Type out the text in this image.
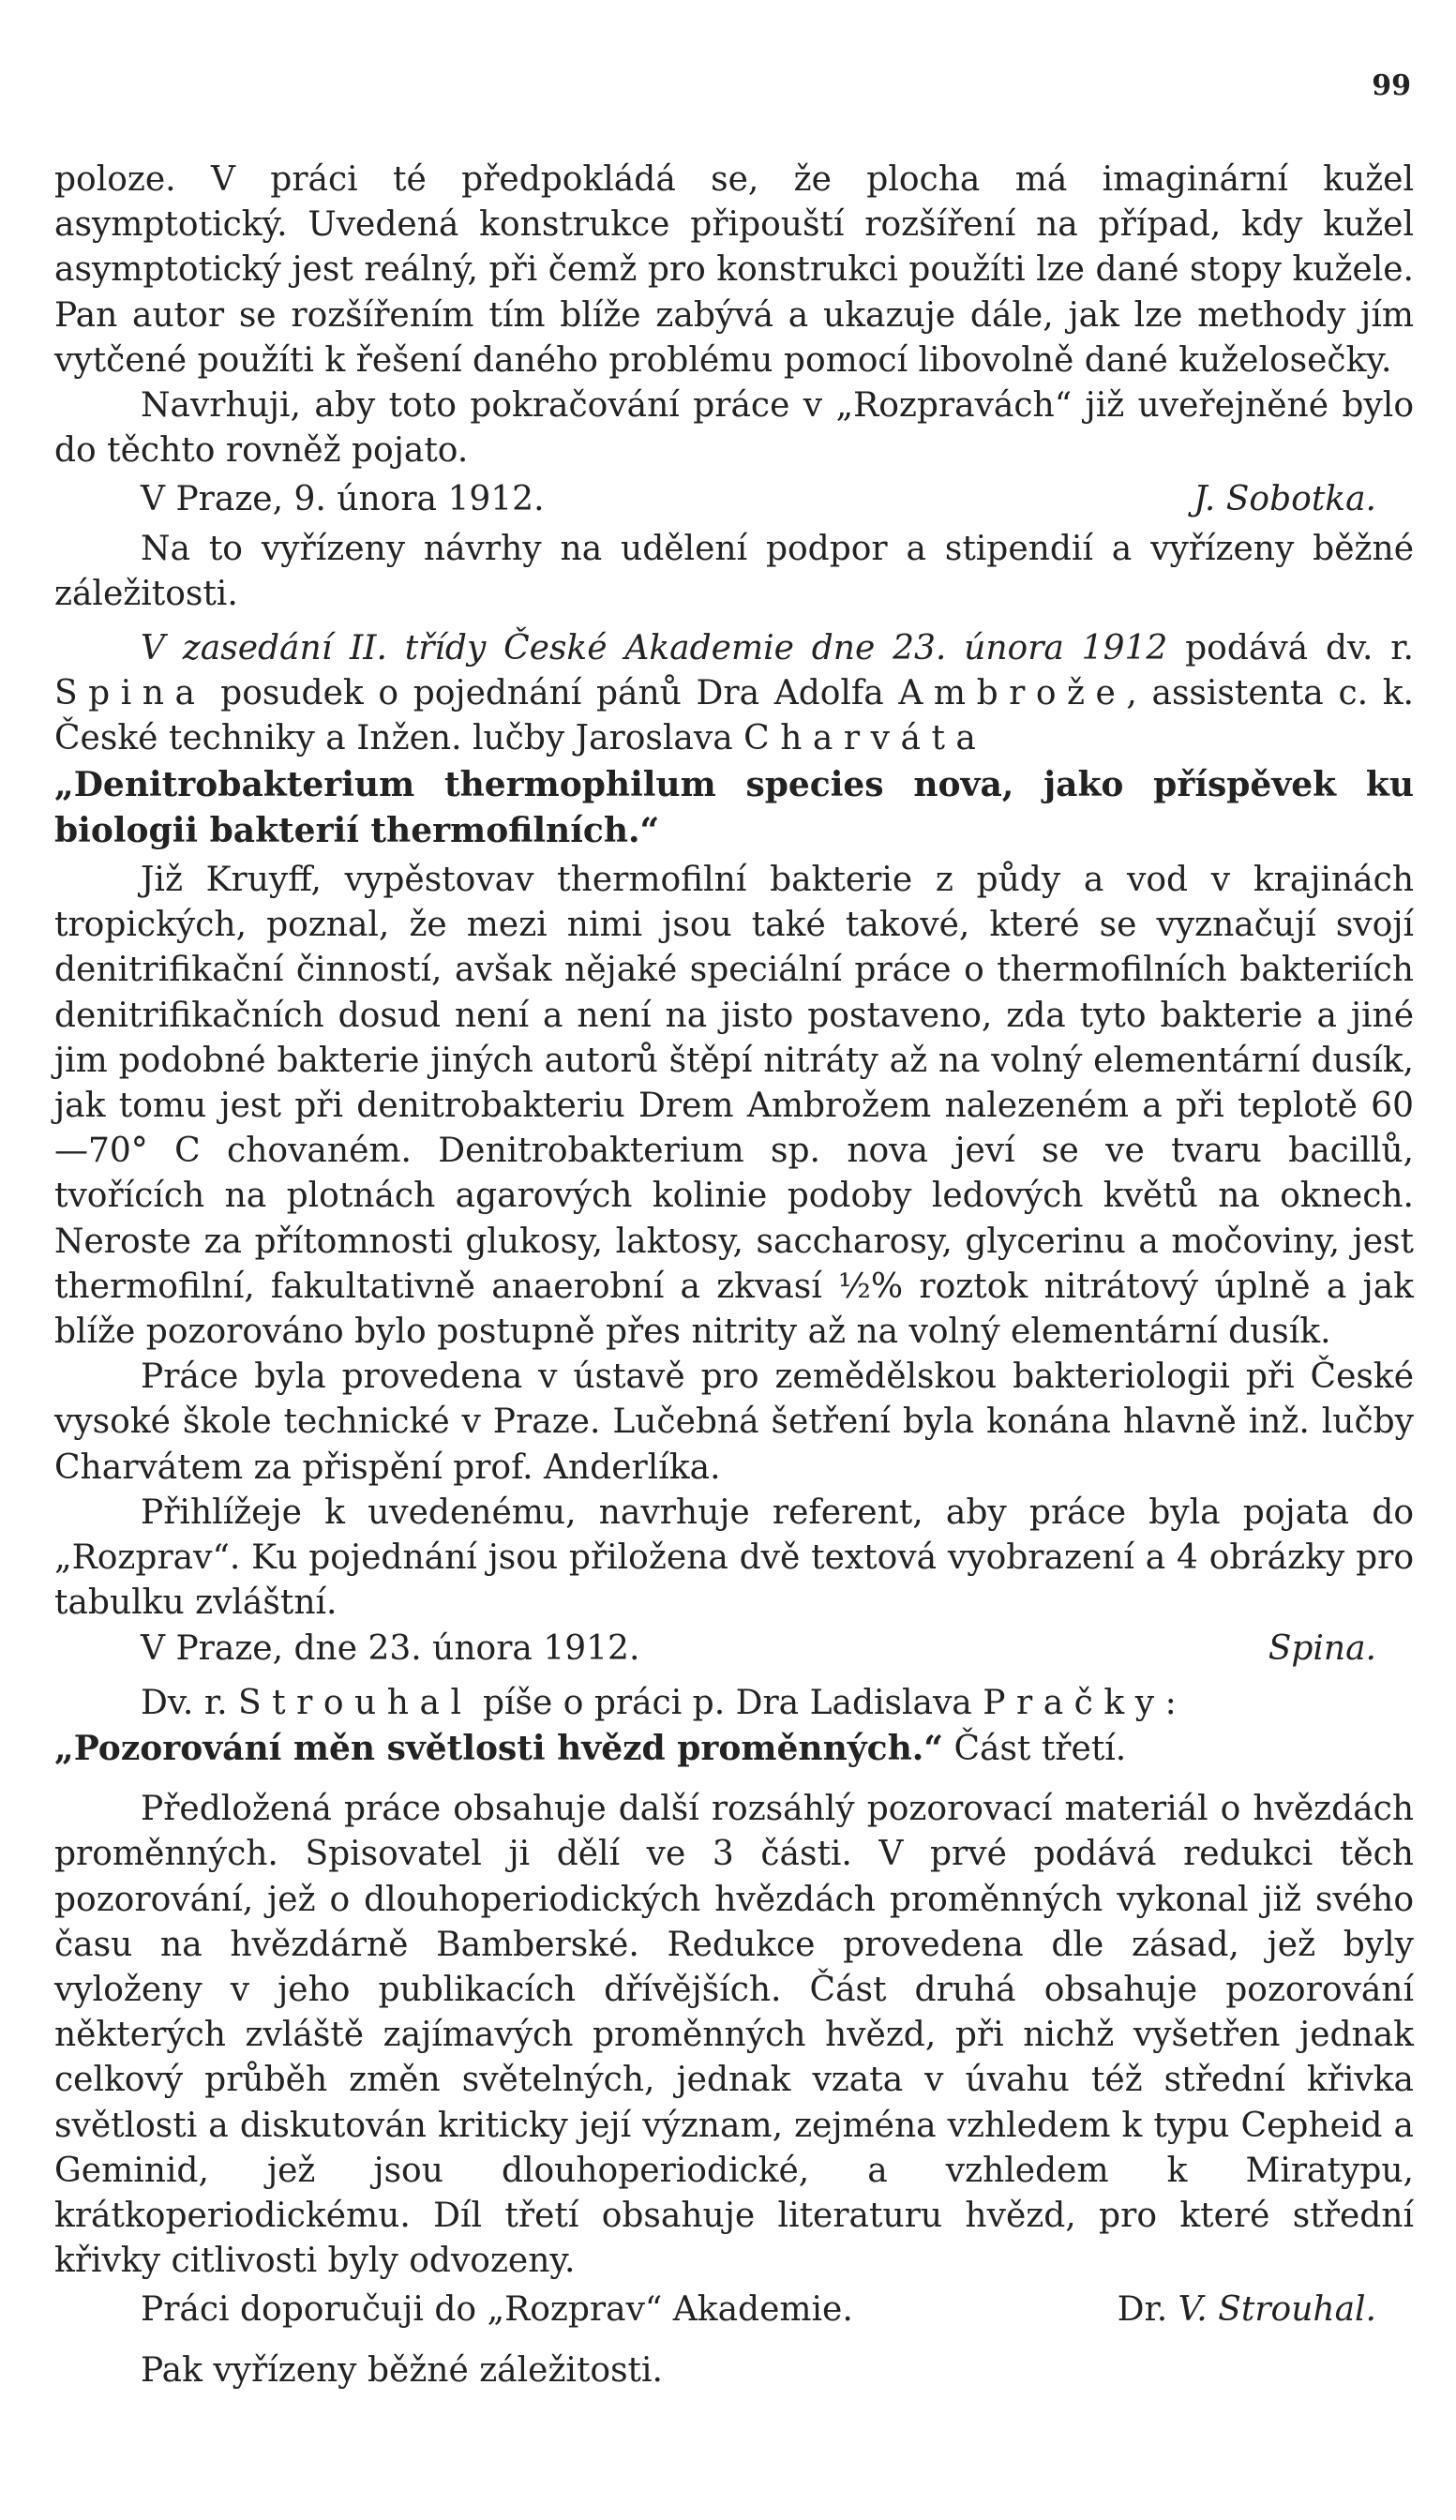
99

poloze. V práci té předpokládá se, že plocha má imaginární kužel asymptotický. Uvedená konstrukce připouští rozšíření na případ, kdy kužel asymptotický jest reálný, při čemž pro konstrukci použíti lze dané stopy kužele. Pan autor se rozšířením tím blíže zabývá a ukazuje dále, jak lze methody jím vytčené použíti k řešení daného problému pomocí libovolně dané kuželosečky.

Navrhuji, aby toto pokračování práce v „Rozpravách“ již uveřejněné bylo do těchto rovněž pojato.

V Praze, 9. února 1912.	J. Sobotka.

Na to vyřízeny návrhy na udělení podpor a stipendií a vyřízeny běžné záležitosti.

V zasedání II. třídy České Akademie dne 23. února 1912 podává dv. r. Spina posudek o pojednání pánů Dra Adolfa Ambrože, assistenta c. k. České techniky a Inžen. lučby Jaroslava Charváta
„Denitrobakterium thermophilum species nova, jako příspěvek ku biologii bakterií thermofilních.“

Již Kruyff, vypěstovav thermofilní bakterie z půdy a vod v krajinách tropických, poznal, že mezi nimi jsou také takové, které se vyznačují svojí denitrifikační činností, avšak nějaké speciální práce o thermofilních bakteriích denitrifikačních dosud není a není na jisto postaveno, zda tyto bakterie a jiné jim podobné bakterie jiných autorů štěpí nitráty až na volný elementární dusík, jak tomu jest při denitrobakteriu Drem Ambrožem nalezeném a při teplotě 60—70° C chovaném. Denitrobakterium sp. nova jeví se ve tvaru bacillů, tvořících na plotnách agarových kolinie podoby ledových květů na oknech. Neroste za přítomnosti glukosy, laktosy, saccharosy, glycerinu a močoviny, jest thermofilní, fakultativně anaerobní a zkvasí ½% roztok nitrátový úplně a jak blíže pozorováno bylo postupně přes nitrity až na volný elementární dusík.

Práce byla provedena v ústavě pro zemědělskou bakteriologii při České vysoké škole technické v Praze. Lučebná šetření byla konána hlavně inž. lučby Charvátem za přispění prof. Anderlíka.

Přihlížeje k uvedenému, navrhuje referent, aby práce byla pojata do „Rozprav“. Ku pojednání jsou přiložena dvě textová vyobrazení a 4 obrázky pro tabulku zvláštní.

V Praze, dne 23. února 1912.	Spina.

Dv. r. Strouhal píše o práci p. Dra Ladislava Pračky:
„Pozorování měn světlosti hvězd proměnných.“ Část třetí.

Předložená práce obsahuje další rozsáhlý pozorovací materiál o hvězdách proměnných. Spisovatel ji dělí ve 3 části. V prvé podává redukci těch pozorování, jež o dlouhoperiodických hvězdách proměnných vykonal již svého času na hvězdárně Bamberské. Redukce provedena dle zásad, jež byly vyloženy v jeho publikacích dřívějších. Část druhá obsahuje pozorování některých zvláště zajímavých proměnných hvězd, při nichž vyšetřen jednak celkový průběh změn světelných, jednak vzata v úvahu též střední křivka světlosti a diskutován kriticky její význam, zejména vzhledem k typu Cepheid a Geminid, jež jsou dlouhoperiodické, a vzhledem k Miratypu, krátkoperiodickému. Díl třetí obsahuje literaturu hvězd, pro které střední křivky citlivosti byly odvozeny.

Práci doporučuji do „Rozprav“ Akademie.	Dr. V. Strouhal.

Pak vyřízeny běžné záležitosti.
